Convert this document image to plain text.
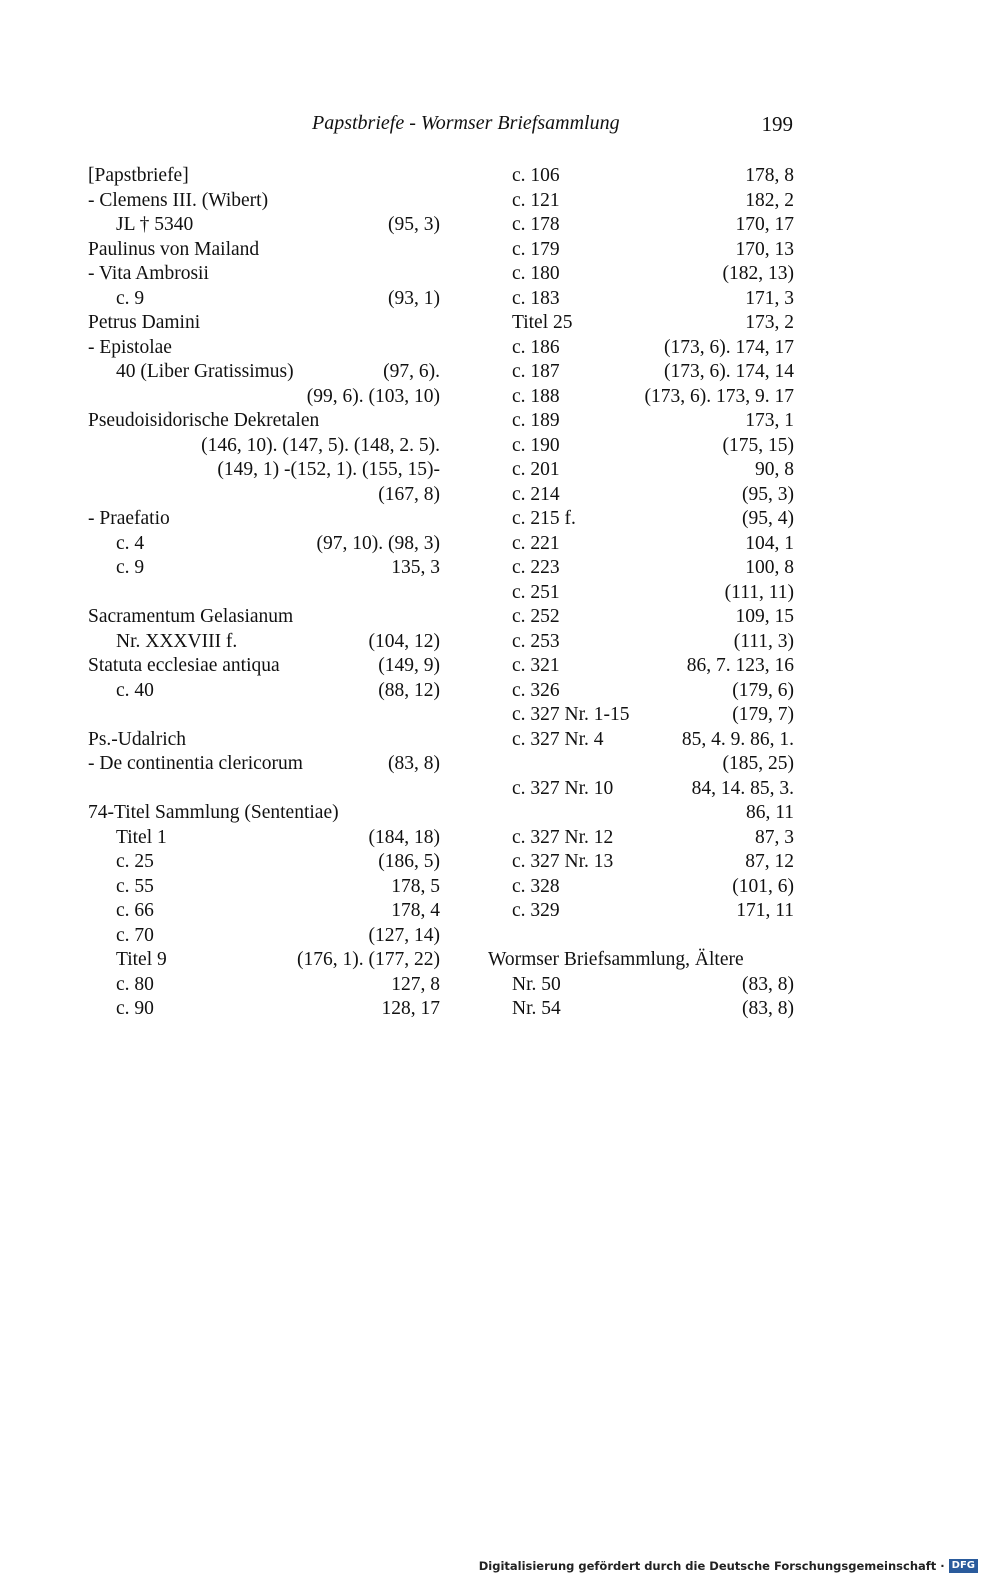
Papstbriefe - Wormser Briefsammlung	199
[Papstbriefe]
- Clemens III. (Wibert)
JL † 5340	(95, 3)
Paulinus von Mailand
- Vita Ambrosii
c. 9	(93, 1)
Petrus Damini
- Epistolae
40 (Liber Gratissimus)	(97, 6).
(99, 6). (103, 10)
Pseudoisidorische Dekretalen
(146, 10). (147, 5). (148, 2. 5).
(149, 1) -(152, 1). (155, 15)-
(167, 8)
- Praefatio
c. 4	(97, 10). (98, 3)
c. 9	135, 3
Sacramentum Gelasianum
Nr. XXXVIII f.	(104, 12)
Statuta ecclesiae antiqua	(149, 9)
c. 40	(88, 12)
Ps.-Udalrich
- De continentia clericorum	(83, 8)
74-Titel Sammlung (Sententiae)
Titel 1	(184, 18)
c. 25	(186, 5)
c. 55	178, 5
c. 66	178, 4
c. 70	(127, 14)
Titel 9	(176, 1). (177, 22)
c. 80	127, 8
c. 90	128, 17
c. 106	178, 8
c. 121	182, 2
c. 178	170, 17
c. 179	170, 13
c. 180	(182, 13)
c. 183	171, 3
Titel 25	173, 2
c. 186	(173, 6). 174, 17
c. 187	(173, 6). 174, 14
c. 188	(173, 6). 173, 9. 17
c. 189	173, 1
c. 190	(175, 15)
c. 201	90, 8
c. 214	(95, 3)
c. 215 f.	(95, 4)
c. 221	104, 1
c. 223	100, 8
c. 251	(111, 11)
c. 252	109, 15
c. 253	(111, 3)
c. 321	86, 7. 123, 16
c. 326	(179, 6)
c. 327 Nr. 1-15	(179, 7)
c. 327 Nr. 4	85, 4. 9. 86, 1.
(185, 25)
c. 327 Nr. 10	84, 14. 85, 3.
86, 11
c. 327 Nr. 12	87, 3
c. 327 Nr. 13	87, 12
c. 328	(101, 6)
c. 329	171, 11
Wormser Briefsammlung, Ältere
Nr. 50	(83, 8)
Nr. 54	(83, 8)
Digitalisierung gefördert durch die Deutsche Forschungsgemeinschaft · DFG
